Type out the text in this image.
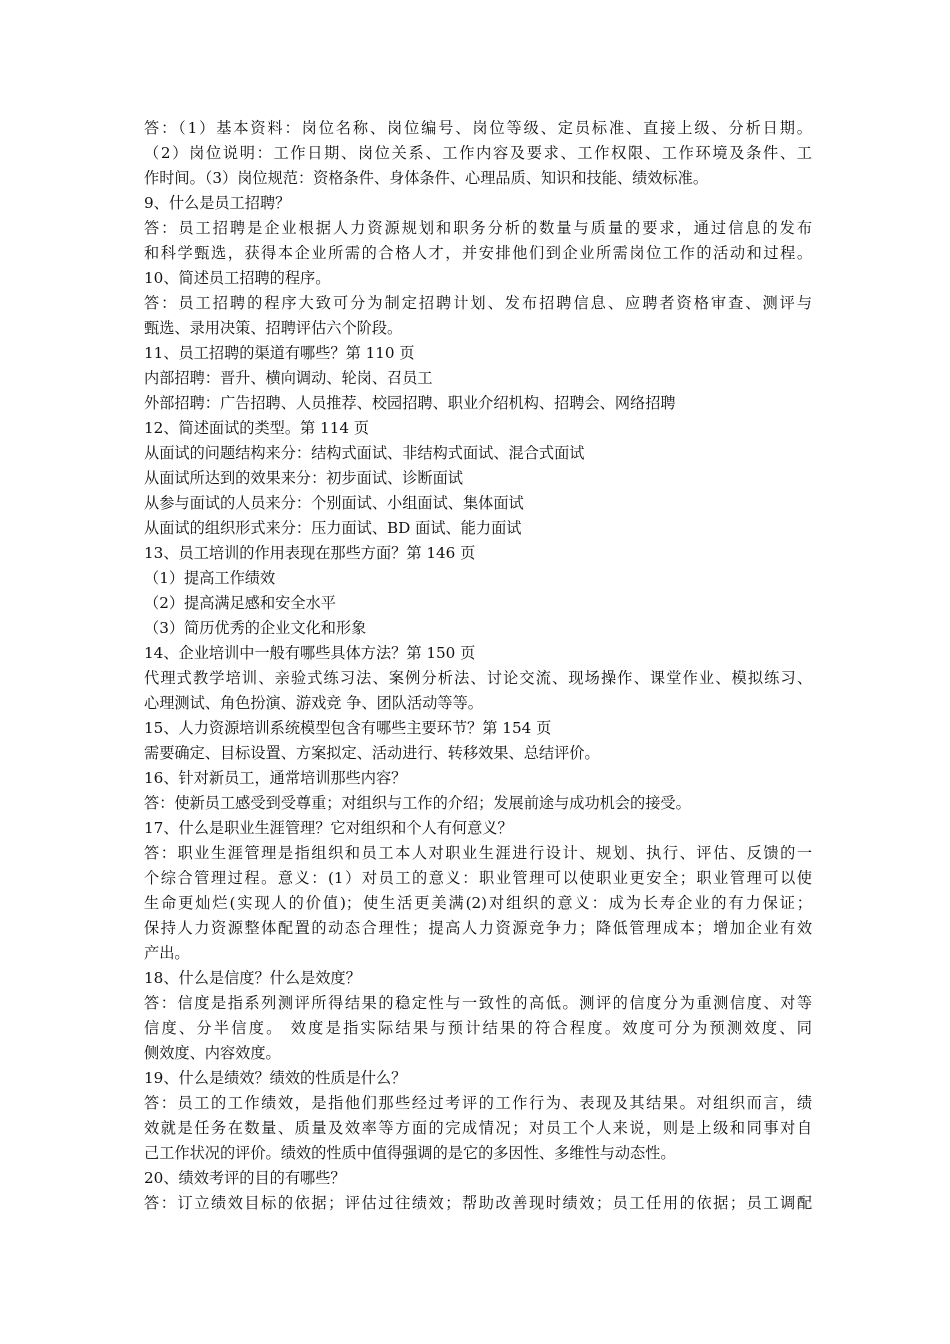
答：（1）基本资料：岗位名称、岗位编号、岗位等级、定员标准、直接上级、分析日期。
（2）岗位说明：工作日期、岗位关系、工作内容及要求、工作权限、工作环境及条件、工
作时间。（3）岗位规范：资格条件、身体条件、心理品质、知识和技能、绩效标准。
9、什么是员工招聘？
答：员工招聘是企业根据人力资源规划和职务分析的数量与质量的要求，通过信息的发布
和科学甄选，获得本企业所需的合格人才，并安排他们到企业所需岗位工作的活动和过程。
10、简述员工招聘的程序。
答：员工招聘的程序大致可分为制定招聘计划、发布招聘信息、应聘者资格审查、测评与
甄选、录用决策、招聘评估六个阶段。
11、员工招聘的渠道有哪些？第 110 页
内部招聘：晋升、横向调动、轮岗、召员工
外部招聘：广告招聘、人员推荐、校园招聘、职业介绍机构、招聘会、网络招聘
12、简述面试的类型。第 114 页
从面试的问题结构来分：结构式面试、非结构式面试、混合式面试
从面试所达到的效果来分：初步面试、诊断面试
从参与面试的人员来分：个别面试、小组面试、集体面试
从面试的组织形式来分：压力面试、BD 面试、能力面试
13、员工培训的作用表现在那些方面？第 146 页
（1）提高工作绩效
（2）提高满足感和安全水平
（3）简历优秀的企业文化和形象
14、企业培训中一般有哪些具体方法？第 150 页
代理式教学培训、亲验式练习法、案例分析法、讨论交流、现场操作、课堂作业、模拟练习、
心理测试、角色扮演、游戏竞 争、团队活动等等。
15、人力资源培训系统模型包含有哪些主要环节？第 154 页
需要确定、目标设置、方案拟定、活动进行、转移效果、总结评价。
16、针对新员工，通常培训那些内容？
答：使新员工感受到受尊重；对组织与工作的介绍；发展前途与成功机会的接受。
17、什么是职业生涯管理？它对组织和个人有何意义？
答：职业生涯管理是指组织和员工本人对职业生涯进行设计、规划、执行、评估、反馈的一
个综合管理过程。意义：(1）对员工的意义：职业管理可以使职业更安全；职业管理可以使
生命更灿烂(实现人的价值)；使生活更美满(2)对组织的意义：成为长寿企业的有力保证；
保持人力资源整体配置的动态合理性；提高人力资源竞争力；降低管理成本；增加企业有效
产出。
18、什么是信度？什么是效度？
答：信度是指系列测评所得结果的稳定性与一致性的高低。测评的信度分为重测信度、对等
信度、分半信度。 效度是指实际结果与预计结果的符合程度。效度可分为预测效度、同
侧效度、内容效度。
19、什么是绩效？绩效的性质是什么？
答：员工的工作绩效，是指他们那些经过考评的工作行为、表现及其结果。对组织而言，绩
效就是任务在数量、质量及效率等方面的完成情况；对员工个人来说，则是上级和同事对自
己工作状况的评价。绩效的性质中值得强调的是它的多因性、多维性与动态性。
20、绩效考评的目的有哪些？
答：订立绩效目标的依据；评估过往绩效；帮助改善现时绩效；员工任用的依据；员工调配
